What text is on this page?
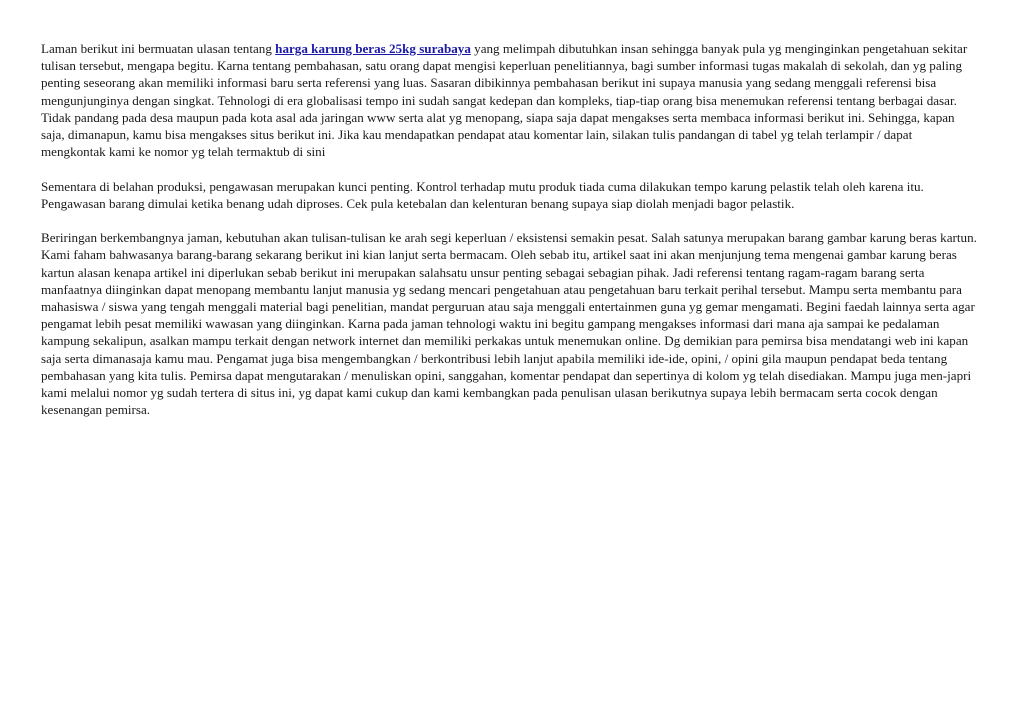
Laman berikut ini bermuatan ulasan tentang harga karung beras 25kg surabaya yang melimpah dibutuhkan insan sehingga banyak pula yg menginginkan pengetahuan sekitar tulisan tersebut, mengapa begitu. Karna tentang pembahasan, satu orang dapat mengisi keperluan penelitiannya, bagi sumber informasi tugas makalah di sekolah, dan yg paling penting seseorang akan memiliki informasi baru serta referensi yang luas. Sasaran dibikinnya pembahasan berikut ini supaya manusia yang sedang menggali referensi bisa mengunjunginya dengan singkat. Tehnologi di era globalisasi tempo ini sudah sangat kedepan dan kompleks, tiap-tiap orang bisa menemukan referensi tentang berbagai dasar. Tidak pandang pada desa maupun pada kota asal ada jaringan www serta alat yg menopang, siapa saja dapat mengakses serta membaca informasi berikut ini. Sehingga, kapan saja, dimanapun, kamu bisa mengakses situs berikut ini. Jika kau mendapatkan pendapat atau komentar lain, silakan tulis pandangan di tabel yg telah terlampir / dapat mengkontak kami ke nomor yg telah termaktub di sini

Sementara di belahan produksi, pengawasan merupakan kunci penting. Kontrol terhadap mutu produk tiada cuma dilakukan tempo karung pelastik telah oleh karena itu. Pengawasan barang dimulai ketika benang udah diproses. Cek pula ketebalan dan kelenturan benang supaya siap diolah menjadi bagor pelastik.

Beriringan berkembangnya jaman, kebutuhan akan tulisan-tulisan ke arah segi keperluan / eksistensi semakin pesat. Salah satunya merupakan barang gambar karung beras kartun. Kami faham bahwasanya barang-barang sekarang berikut ini kian lanjut serta bermacam. Oleh sebab itu, artikel saat ini akan menjunjung tema mengenai gambar karung beras kartun alasan kenapa artikel ini diperlukan sebab berikut ini merupakan salahsatu unsur penting sebagai sebagian pihak. Jadi referensi tentang ragam-ragam barang serta manfaatnya diinginkan dapat menopang membantu lanjut manusia yg sedang mencari pengetahuan atau pengetahuan baru terkait perihal tersebut. Mampu serta membantu para mahasiswa / siswa yang tengah menggali material bagi penelitian, mandat perguruan atau saja menggali entertainmen guna yg gemar mengamati. Begini faedah lainnya serta agar pengamat lebih pesat memiliki wawasan yang diinginkan. Karna pada jaman tehnologi waktu ini begitu gampang mengakses informasi dari mana aja sampai ke pedalaman kampung sekalipun, asalkan mampu terkait dengan network internet dan memiliki perkakas untuk menemukan online. Dg demikian para pemirsa bisa mendatangi web ini kapan saja serta dimanasaja kamu mau. Pengamat juga bisa mengembangkan / berkontribusi lebih lanjut apabila memiliki ide-ide, opini, / opini gila maupun pendapat beda tentang pembahasan yang kita tulis. Pemirsa dapat mengutarakan / menuliskan opini, sanggahan, komentar pendapat dan sepertinya di kolom yg telah disediakan. Mampu juga men-japri kami melalui nomor yg sudah tertera di situs ini, yg dapat kami cukup dan kami kembangkan pada penulisan ulasan berikutnya supaya lebih bermacam serta cocok dengan kesenangan pemirsa.
